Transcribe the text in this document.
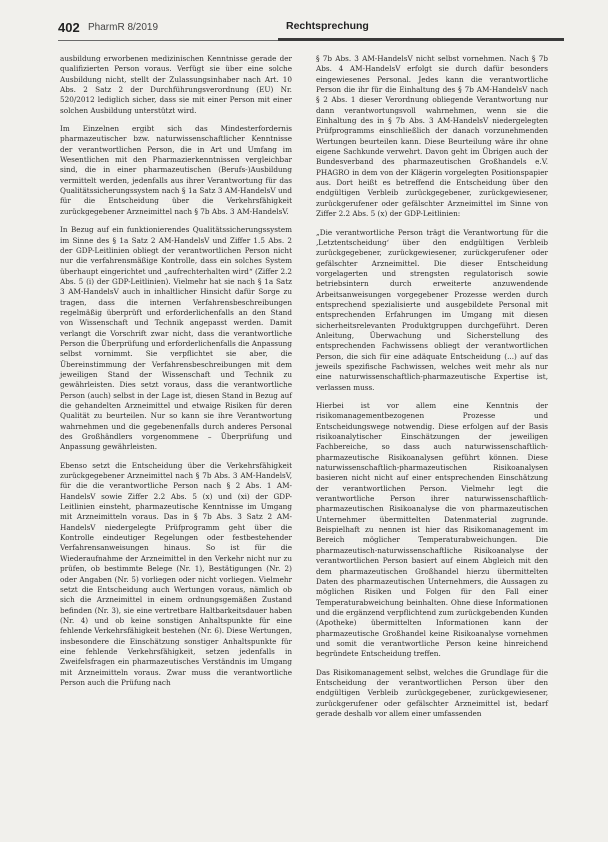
402 PharmR 8/2019	Rechtsprechung

ausbildung erworbenen medizinischen Kenntnisse gerade der qualifizierten Person voraus. Verfügt sie über eine solche Ausbildung nicht, stellt der Zulassungsinhaber nach Art. 10 Abs. 2 Satz 2 der Durchführungsverordnung (EU) Nr. 520/2012 lediglich sicher, dass sie mit einer Person mit einer solchen Ausbildung unterstützt wird.

Im Einzelnen ergibt sich das Mindesterfordernis pharmazeutischer bzw. naturwissenschaftlicher Kenntnisse der verantwortlichen Person, die in Art und Umfang im Wesentlichen mit den Pharmazierkenntnissen vergleichbar sind, die in einer pharmazeutischen (Berufs-)Ausbildung vermittelt werden, jedenfalls aus ihrer Verantwortung für das Qualitätssicherungssystem nach § 1a Satz 3 AM-HandelsV und für die Entscheidung über die Verkehrsfähigkeit zurückgegebener Arzneimittel nach § 7b Abs. 3 AM-HandelsV.

In Bezug auf ein funktionierendes Qualitätssicherungssystem im Sinne des § 1a Satz 2 AM-HandelsV und Ziffer 1.5 Abs. 2 der GDP-Leitlinien obliegt der verantwortlichen Person nicht nur die verfahrensmäßige Kontrolle, dass ein solches System überhaupt eingerichtet und „aufrechterhalten wird“ (Ziffer 2.2 Abs. 5 (i) der GDP-Leitlinien). Vielmehr hat sie nach § 1a Satz 3 AM-HandelsV auch in inhaltlicher Hinsicht dafür Sorge zu tragen, dass die internen Verfahrensbeschreibungen regelmäßig überprüft und erforderlichenfalls an den Stand von Wissenschaft und Technik angepasst werden. Damit verlangt die Vorschrift zwar nicht, dass die verantwortliche Person die Überprüfung und erforderlichenfalls die Anpassung selbst vornimmt. Sie verpflichtet sie aber, die Übereinstimmung der Verfahrensbeschreibungen mit dem jeweiligen Stand der Wissenschaft und Technik zu gewährleisten. Dies setzt voraus, dass die verantwortliche Person (auch) selbst in der Lage ist, diesen Stand in Bezug auf die gehandelten Arzneimittel und etwaige Risiken für deren Qualität zu beurteilen. Nur so kann sie ihre Verantwortung wahrnehmen und die gegebenenfalls durch anderes Personal des Großhändlers vorgenommene – Überprüfung und Anpassung gewährleisten.

Ebenso setzt die Entscheidung über die Verkehrsfähigkeit zurückgegebener Arzneimittel nach § 7b Abs. 3 AM-HandelsV, für die die verantwortliche Person nach § 2 Abs. 1 AM-HandelsV sowie Ziffer 2.2 Abs. 5 (x) und (xi) der GDP-Leitlinien einsteht, pharmazeutische Kenntnisse im Umgang mit Arzneimitteln voraus. Das in § 7b Abs. 3 Satz 2 AM-HandelsV niedergelegte Prüfprogramm geht über die Kontrolle eindeutiger Regelungen oder festbestehender Verfahrensanweisungen hinaus. So ist für die Wiederaufnahme der Arzneimittel in den Verkehr nicht nur zu prüfen, ob bestimmte Belege (Nr. 1), Bestätigungen (Nr. 2) oder Angaben (Nr. 5) vorliegen oder nicht vorliegen. Vielmehr setzt die Entscheidung auch Wertungen voraus, nämlich ob sich die Arzneimittel in einem ordnungsgemäßen Zustand befinden (Nr. 3), sie eine vertretbare Haltbarkeitsdauer haben (Nr. 4) und ob keine sonstigen Anhaltspunkte für eine fehlende Verkehrsfähigkeit bestehen (Nr. 6). Diese Wertungen, insbesondere die Einschätzung sonstiger Anhaltspunkte für eine fehlende Verkehrsfähigkeit, setzen jedenfalls in Zweifelsfragen ein pharmazeutisches Verständnis im Umgang mit Arzneimitteln voraus. Zwar muss die verantwortliche Person auch die Prüfung nach

§ 7b Abs. 3 AM-HandelsV nicht selbst vornehmen. Nach § 7b Abs. 4 AM-HandelsV erfolgt sie durch dafür besonders eingewiesenes Personal. Jedes kann die verantwortliche Person die ihr für die Einhaltung des § 7b AM-HandelsV nach § 2 Abs. 1 dieser Verordnung obliegende Verantwortung nur dann verantwortungsvoll wahrnehmen, wenn sie die Einhaltung des in § 7b Abs. 3 AM-HandelsV niedergelegten Prüfprogramms einschließlich der danach vorzunehmenden Wertungen beurteilen kann. Diese Beurteilung wäre ihr ohne eigene Sachkunde verwehrt. Davon geht im Übrigen auch der Bundesverband des pharmazeutischen Großhandels e.V. PHAGRO in dem von der Klägerin vorgelegten Positionspapier aus. Dort heißt es betreffend die Entscheidung über den endgültigen Verbleib zurückgegebener, zurückgewiesener, zurückgerufener oder gefälschter Arzneimittel im Sinne von Ziffer 2.2 Abs. 5 (x) der GDP-Leitlinien:

„Die verantwortliche Person trägt die Verantwortung für die ‚Letztentscheidung‘ über den endgültigen Verbleib zurückgegebener, zurückgewiesener, zurückgerufener oder gefälschter Arzneimittel. Die dieser Entscheidung vorgelagerten und strengsten regulatorisch sowie betriebsintern durch erweiterte anzuwendende Arbeitsanweisungen vorgegebener Prozesse werden durch entsprechend spezialisierte und ausgebildete Personal mit entsprechenden Erfahrungen im Umgang mit diesen sicherheitsrelevanten Produktgruppen durchgeführt. Deren Anleitung, Überwachung und Sicherstellung des entsprechenden Fachwissens obliegt der verantwortlichen Person, die sich für eine adäquate Entscheidung (...) auf das jeweils spezifische Fachwissen, welches weit mehr als nur eine naturwissenschaftlich-pharmazeutische Expertise ist, verlassen muss.

Hierbei ist vor allem eine Kenntnis der risikomanagementbezogenen Prozesse und Entscheidungswege notwendig. Diese erfolgen auf der Basis risikoanalytischer Einschätzungen der jeweiligen Fachbereiche, so dass auch naturwissenschaftlich-pharmazeutische Risikoanalysen geführt können. Diese naturwissenschaftlich-pharmazeutischen Risikoanalysen basieren nicht nicht auf einer entsprechenden Einschätzung der verantwortlichen Person. Vielmehr legt die verantwortliche Person ihrer naturwissenschaftlich-pharmazeutischen Risikoanalyse die von pharmazeutischen Unternehmer übermittelten Datenmaterial zugrunde. Beispielhaft zu nennen ist hier das Risikomanagement im Bereich möglicher Temperaturabweichungen. Die pharmazeutisch-naturwissenschaftliche Risikoanalyse der verantwortlichen Person basiert auf einem Abgleich mit den dem pharmazeutischen Großhandel hierzu übermittelten Daten des pharmazeutischen Unternehmers, die Aussagen zu möglichen Risiken und Folgen für den Fall einer Temperaturabweichung beinhalten. Ohne diese Informationen und die ergänzend verpflichtend zum zurückgebenden Kunden (Apotheke) übermittelten Informationen kann der pharmazeutische Großhandel keine Risikoanalyse vornehmen und somit die verantwortliche Person keine hinreichend begründete Entscheidung treffen.

Das Risikomanagement selbst, welches die Grundlage für die Entscheidung der verantwortlichen Person über den endgültigen Verbleib zurückgegebener, zurückgewiesener, zurückgerufener oder gefälschter Arzneimittel ist, bedarf gerade deshalb vor allem einer umfassenden
